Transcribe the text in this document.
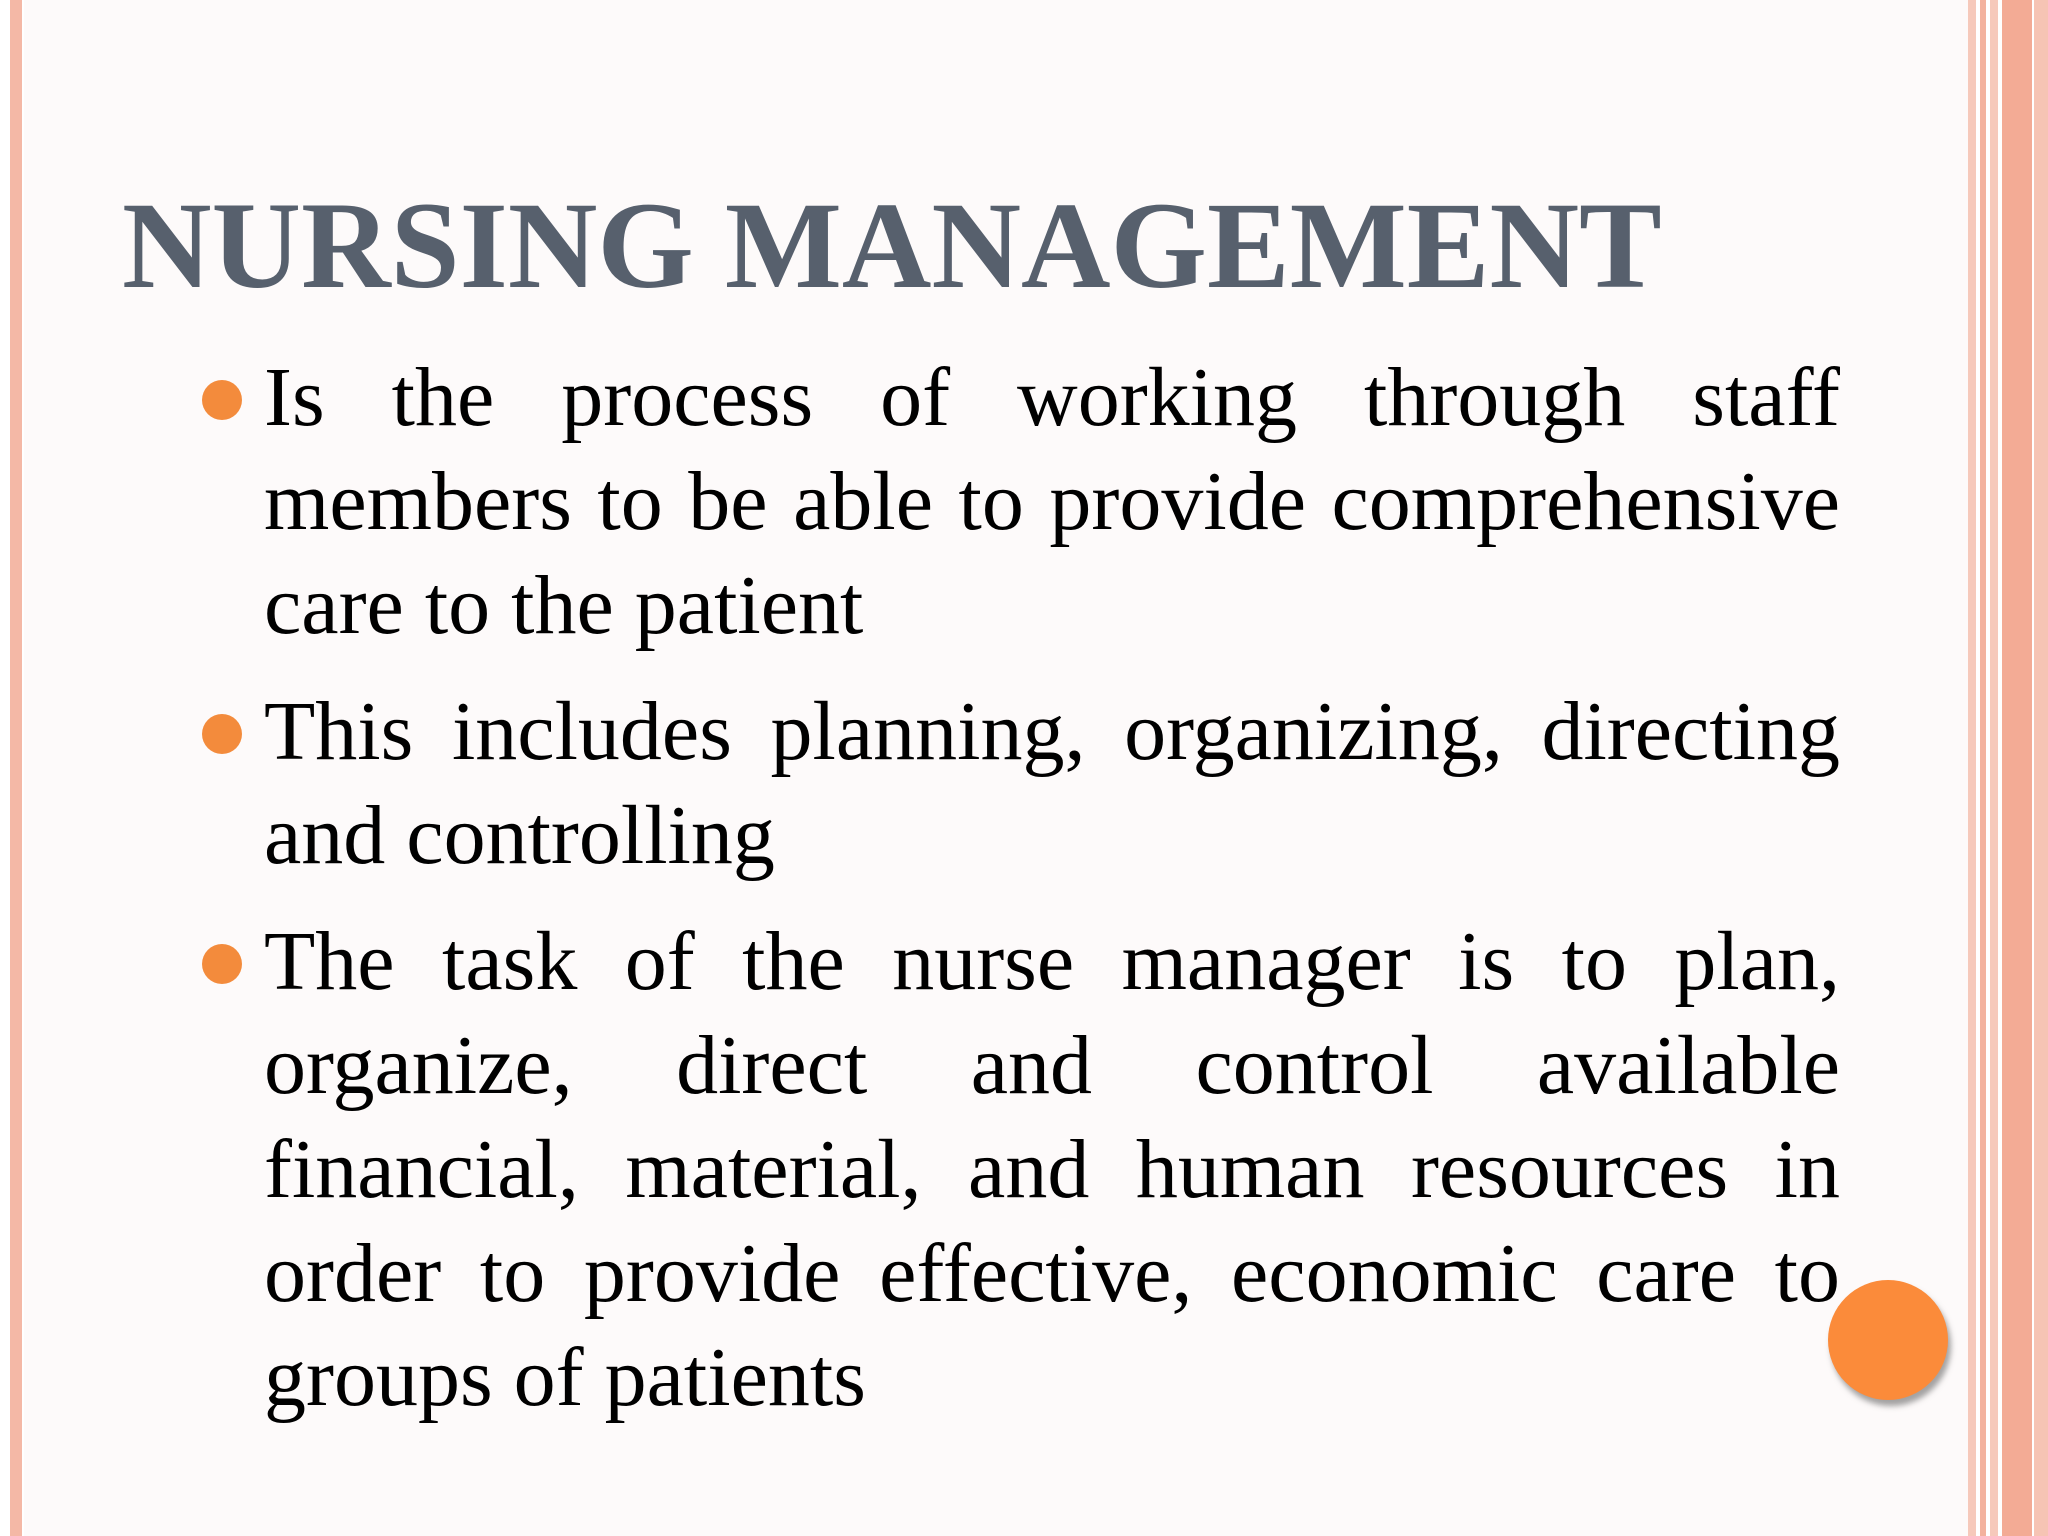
NURSING MANAGEMENT
Is the process of working through staff members to be able to provide comprehensive care to the patient
This includes planning, organizing, directing and controlling
The task of the nurse manager is to plan, organize, direct and control available financial, material, and human resources in order to provide effective, economic care to groups of patients
